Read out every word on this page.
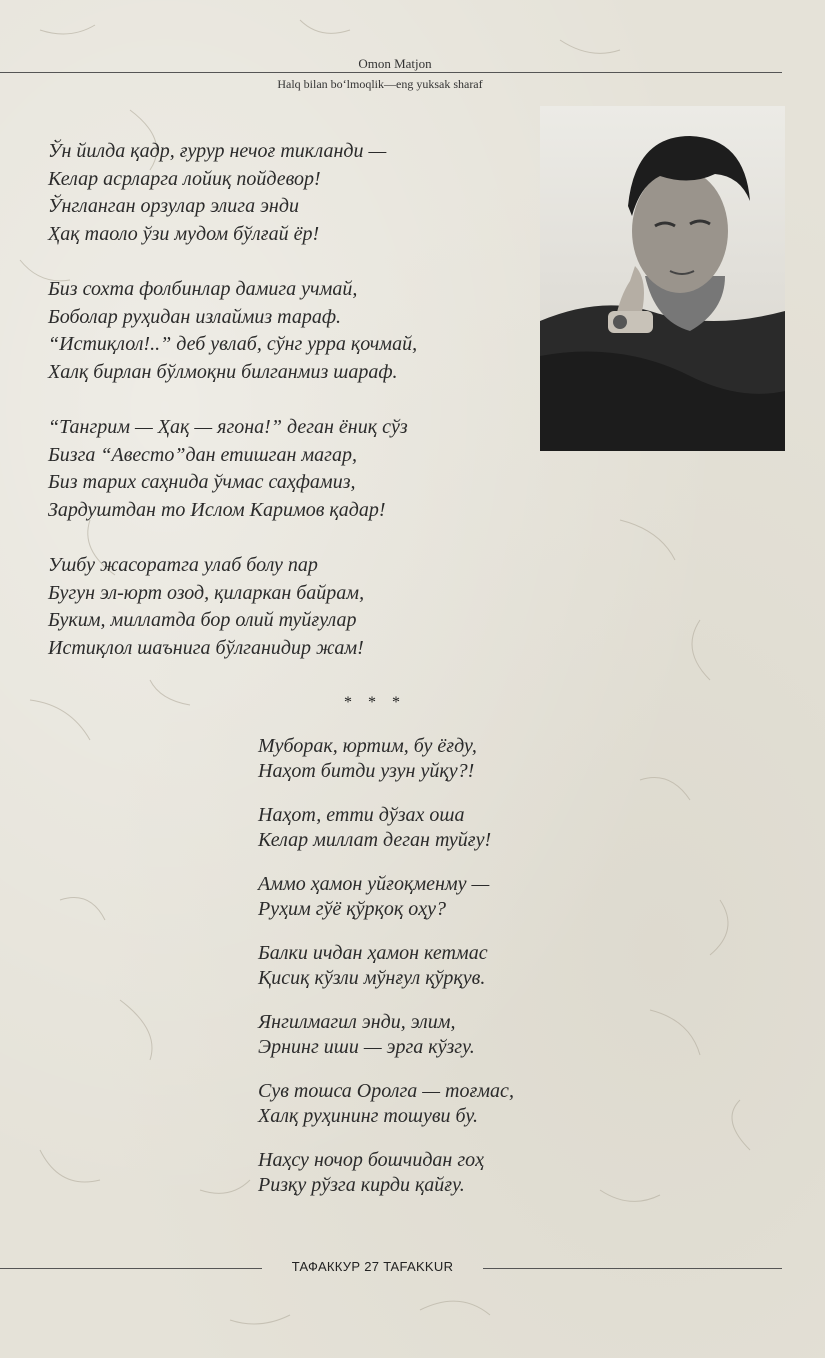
Omon Matjon
Halq bilan bo‘lmoqlik—eng yuksak sharaf
Ўн йилда қадр, ғурур нечоғ тикланди —
Келар асрларга лойиқ пойдевор!
Ўнгланган орзулар элига энди
Ҳақ таоло ўзи мудом бўлғай ёр!
Биз сохта фолбинлар дамига учмай,
Боболар руҳидан излаймиз тараф.
“Истиқлол!..” деб увлаб, сўнг урра қочмай,
Халқ бирлан бўлмоқни билганмиз шараф.
“Тангрим — Ҳақ — ягона!” деган ёниқ сўз
Бизга “Авесто”дан етишган магар,
Биз тарих саҳнида ўчмас саҳфамиз,
Зардуштдан то Ислом Каримов қадар!
Ушбу жасоратга улаб болу пар
Бугун эл-юрт озод, қиларкан байрам,
Буким, миллатда бор олий туйғулар
Истиқлол шаънига бўлганидир жам!
* * *
Муборак, юртим, бу ёғду,
Наҳот битди узун уйқу?!
Наҳот, етти дўзах оша
Келар миллат деган туйғу!
Аммо ҳамон уйғоқменму —
Руҳим гўё қўрқоқ оҳу?
Балки ичдан ҳамон кетмас
Қисиқ кўзли мўнғул қўрқув.
Янгилмагил энди, элим,
Эрнинг иши — эрга кўзгу.
Сув тошса Оролга — тоғмас,
Халқ руҳининг тошуви бу.
Наҳсу ночор бошчидан гоҳ
Ризқу рўзга кирди қайғу.
ТАФАККУР 27 TAFAKKUR
